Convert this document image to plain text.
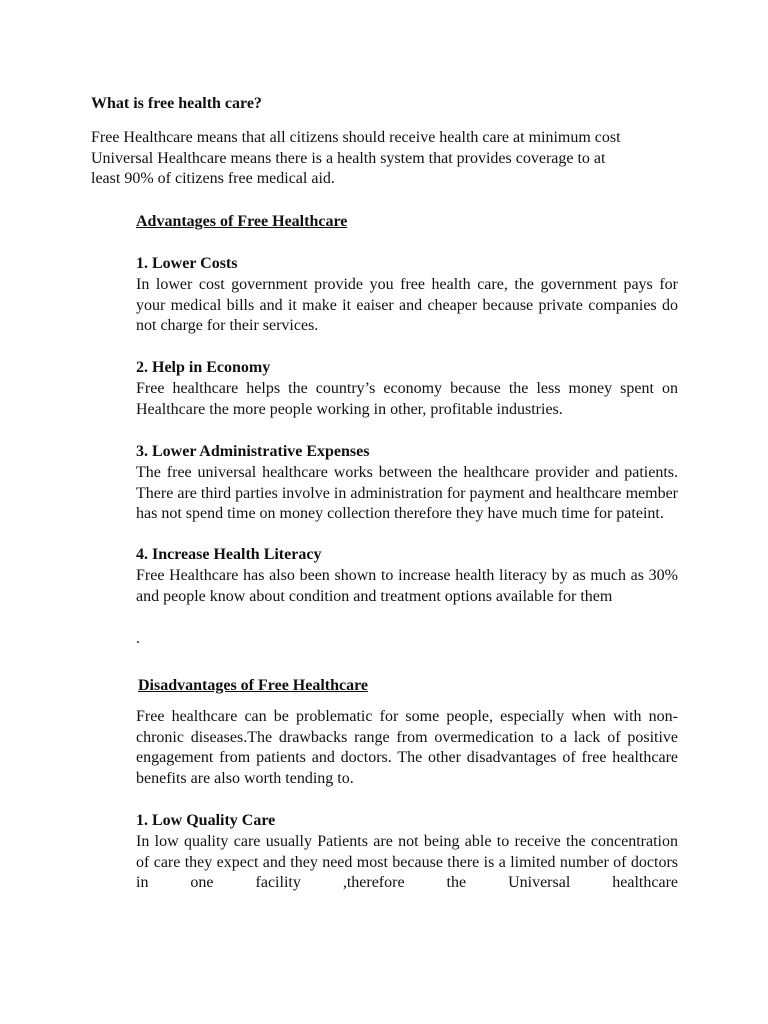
What is free health care?

Free Healthcare means that all citizens should receive health care at minimum cost
Universal Healthcare means there is a health system that provides coverage to at
least 90% of citizens free medical aid.

Advantages of Free Healthcare

1. Lower Costs

In lower cost government provide you free health care, the government pays for your medical bills and it make it eaiser and cheaper because private companies do not charge for their services.

2. Help in Economy

Free healthcare helps the country’s economy because the less money spent on Healthcare the more people working in other, profitable industries.

3. Lower Administrative Expenses

The free universal healthcare works between the healthcare provider and patients. There are third parties involve in administration for payment and healthcare member has not spend time on money collection therefore they have much time for pateint.

4. Increase Health Literacy

Free Healthcare has also been shown to increase health literacy by as much as 30% and people know about condition and treatment options available for them

.

Disadvantages of Free Healthcare

Free healthcare can be problematic for some people, especially when with non-chronic diseases.The drawbacks range from overmedication to a lack of positive engagement from patients and doctors. The other disadvantages of free healthcare benefits are also worth tending to.

1. Low Quality Care

In low quality care usually Patients are not being able to receive the concentration of care they expect and they need most because there is a limited number of doctors in one facility ,therefore the Universal healthcare
